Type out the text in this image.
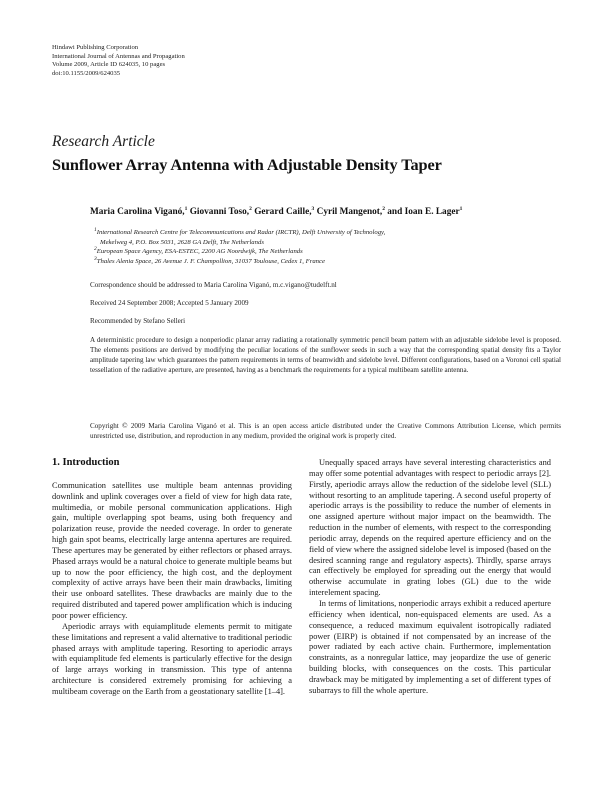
Hindawi Publishing Corporation
International Journal of Antennas and Propagation
Volume 2009, Article ID 624035, 10 pages
doi:10.1155/2009/624035
Research Article
Sunflower Array Antenna with Adjustable Density Taper
Maria Carolina Viganó,$^1$ Giovanni Toso,$^2$ Gerard Caille,$^3$ Cyril Mangenot,$^2$ and Ioan E. Lager$^1$
$^1$International Research Centre for Telecommunications and Radar (IRCTR), Delft University of Technology,
Mekelweg 4, P.O. Box 5031, 2628 GA Delft, The Netherlands
$^2$European Space Agency, ESA-ESTEC, 2200 AG Noordwijk, The Netherlands
$^3$Thales Alenia Space, 26 Avenue J. F. Champollion, 31037 Toulouse, Cedex 1, France
Correspondence should be addressed to Maria Carolina Viganó, m.c.vigano@tudelft.nl
Received 24 September 2008; Accepted 5 January 2009
Recommended by Stefano Selleri
A deterministic procedure to design a nonperiodic planar array radiating a rotationally symmetric pencil beam pattern with an adjustable sidelobe level is proposed. The elements positions are derived by modifying the peculiar locations of the sunflower seeds in such a way that the corresponding spatial density fits a Taylor amplitude tapering law which guarantees the pattern requirements in terms of beamwidth and sidelobe level. Different configurations, based on a Voronoi cell spatial tessellation of the radiative aperture, are presented, having as a benchmark the requirements for a typical multibeam satellite antenna.
Copyright © 2009 Maria Carolina Viganó et al. This is an open access article distributed under the Creative Commons Attribution License, which permits unrestricted use, distribution, and reproduction in any medium, provided the original work is properly cited.
1. Introduction

Communication satellites use multiple beam antennas providing downlink and uplink coverages over a field of view for high data rate, multimedia, or mobile personal communication applications. High gain, multiple overlapping spot beams, using both frequency and polarization reuse, provide the needed coverage. In order to generate high gain spot beams, electrically large antenna apertures are required. These apertures may be generated by either reflectors or phased arrays. Phased arrays would be a natural choice to generate multiple beams but up to now the poor efficiency, the high cost, and the deployment complexity of active arrays have been their main drawbacks, limiting their use onboard satellites. These drawbacks are mainly due to the required distributed and tapered power amplification which is inducing poor power efficiency.

Aperiodic arrays with equiamplitude elements permit to mitigate these limitations and represent a valid alternative to traditional periodic phased arrays with amplitude tapering. Resorting to aperiodic arrays with equiamplitude fed elements is particularly effective for the design of large arrays working in transmission. This type of antenna architecture is considered extremely promising for achieving a multibeam coverage on the Earth from a geostationary satellite [1–4].

Unequally spaced arrays have several interesting characteristics and may offer some potential advantages with respect to periodic arrays [2]. Firstly, aperiodic arrays allow the reduction of the sidelobe level (SLL) without resorting to an amplitude tapering. A second useful property of aperiodic arrays is the possibility to reduce the number of elements in one assigned aperture without major impact on the beamwidth. The reduction in the number of elements, with respect to the corresponding periodic array, depends on the required aperture efficiency and on the field of view where the assigned sidelobe level is imposed (based on the desired scanning range and regulatory aspects). Thirdly, sparse arrays can effectively be employed for spreading out the energy that would otherwise accumulate in grating lobes (GL) due to the wide interelement spacing.

In terms of limitations, nonperiodic arrays exhibit a reduced aperture efficiency when identical, non-equispaced elements are used. As a consequence, a reduced maximum equivalent isotropically radiated power (EIRP) is obtained if not compensated by an increase of the power radiated by each active chain. Furthermore, implementation constraints, as a nonregular lattice, may jeopardize the use of generic building blocks, with consequences on the costs. This particular drawback may be mitigated by implementing a set of different types of subarrays to fill the whole aperture.
